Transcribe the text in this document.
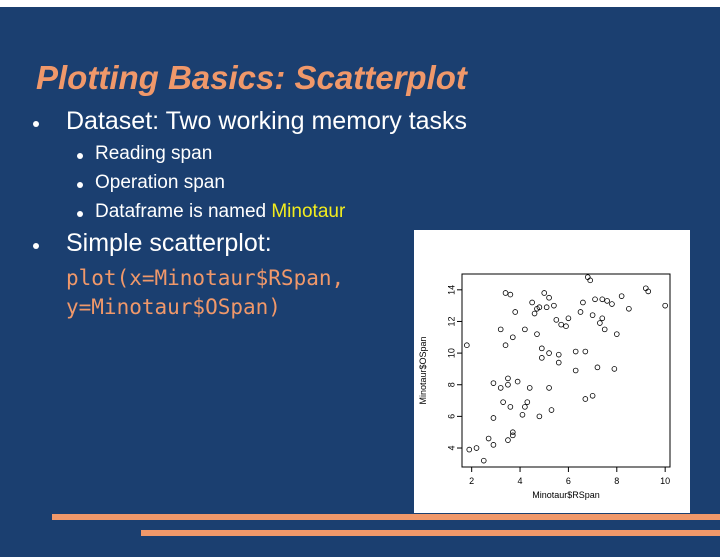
Plotting Basics: Scatterplot
Dataset: Two working memory tasks
Reading span
Operation span
Dataframe is named Minotaur
Simple scatterplot:
plot(x=Minotaur$RSpan,
y=Minotaur$OSpan)
2	4	6	8	10
4
6
8
10
12
14
Minotaur$RSpan
Minotaur$OSpan
